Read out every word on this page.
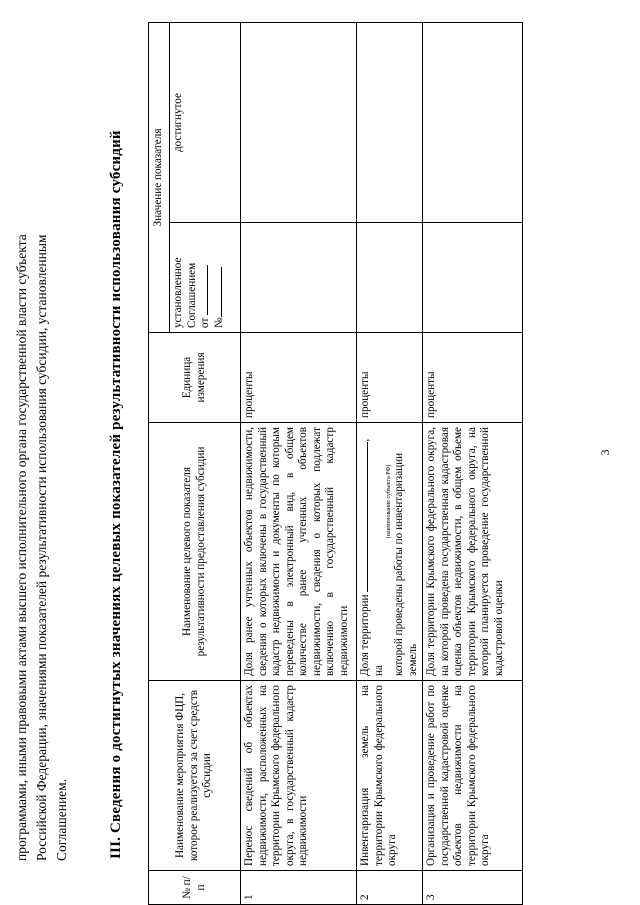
3

программами, иными правовыми актами высшего исполнительного органа государственной власти субъекта Российской Федерации, значениями показателей результативности использования субсидии, установленным Соглашением.	III. Сведения о достигнутых значениях целевых показателей результативности использования субсидий
№ п/п	Наименование мероприятия ФЦП, которое реализуется за счет средств субсидии	Наименование целевого показателя результативности предоставления субсидии	Единица измерения	Значение показателя	
				установленное Соглашением от №	достигнутое
1	Перенос сведений об объектах недвижимости, расположенных на территории Крымского федерального округа, в государственный кадастр недвижимости	Доля ранее учтенных объектов недвижимости, сведения о которых включены в государственный кадастр недвижимости и документы по которым переведены в электронный вид, в общем количестве ранее учтенных объектов недвижимости, сведения о которых подлежат включению в государственный кадастр недвижимости	проценты		
2	Инвентаризация земель на территории Крымского федерального округа	Доля территории , на
(наименование субъекта РФ) которой проведены работы по инвентаризации земель	проценты		
3	Организация и проведение работ по государственной кадастровой оценке объектов недвижимости на территории Крымского федерального округа	Доля территории Крымского федерального округа, на которой проведена государственная кадастровая оценка объектов недвижимости, в общем объеме территории Крымского федерального округа, на которой планируется проведение государственной кадастровой оценки	проценты		
